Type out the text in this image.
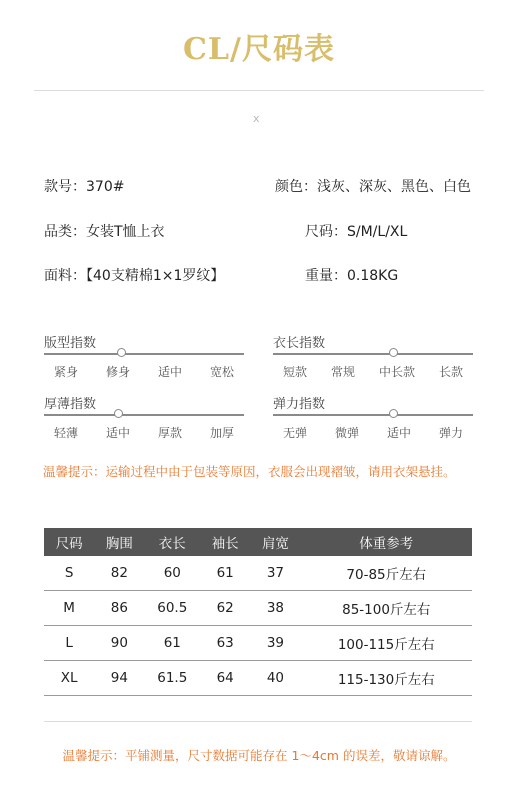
CL/尺码表
x
款号 ： 370#	颜色 ： 浅灰、深灰、黑色、白色
品类 ： 女装T恤上衣	尺码 ： S/M/L/XL
面料 ： 【40支精棉1×1罗纹】	重量 ： 0.18KG
版型指数
紧身 修身 适中 宽松
衣长指数
短款 常规 中长款 长款
厚薄指数
轻薄 适中 厚款 加厚
弹力指数
无弹 微弹 适中 弹力
温馨提示：运输过程中由于包装等原因，衣服会出现褶皱，请用衣架悬挂。
尺码	胸围	衣长	袖长	肩宽	体重参考
S	82	60	61	37	70-85斤左右
M	86	60.5	62	38	85-100斤左右
L	90	61	63	39	100-115斤左右
XL	94	61.5	64	40	115-130斤左右
温馨提示：平铺测量，尺寸数据可能存在 1～4cm 的误差，敬请谅解。
